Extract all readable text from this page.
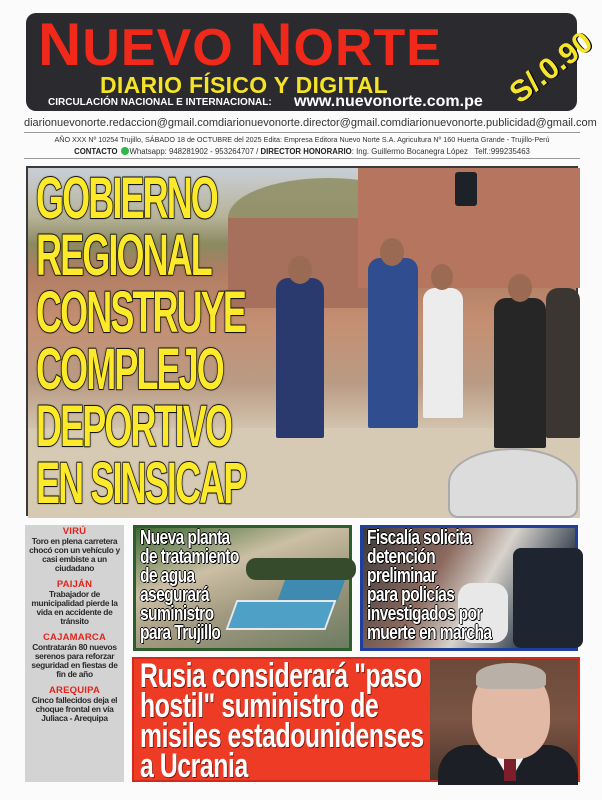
NUEVO NORTE
DIARIO FÍSICO Y DIGITAL
CIRCULACIÓN NACIONAL E INTERNACIONAL: www.nuevonorte.com.pe S/.0.90
diarionuevonorte.redaccion@gmail.com diarionuevonorte.director@gmail.com diarionuevonorte.publicidad@gmail.com
AÑO XXX Nº 10254 Trujillo, SÁBADO 18 de OCTUBRE del 2025 Edita: Empresa Editora Nuevo Norte S.A. Agricultura Nº 160 Huerta Grande - Trujillo-Perú
CONTACTO Whatsapp: 948281902 - 953264707 / DIRECTOR HONORARIO: Ing. Guillermo Bocanegra López Telf.:999235463
GOBIERNO
REGIONAL
CONSTRUYE
COMPLEJO
DEPORTIVO
EN SINSICAP
VIRÚ
Toro en plena carretera chocó con un vehículo y casi embiste a un ciudadano
PAIJÁN
Trabajador de municipalidad pierde la vida en accidente de tránsito
CAJAMARCA
Contratarán 80 nuevos serenos para reforzar seguridad en fiestas de fin de año
AREQUIPA
Cinco fallecidos deja el choque frontal en vía Juliaca - Arequipa
Nueva planta
de tratamiento
de agua
asegurará
suministro
para Trujillo
Fiscalía solicita
detención
preliminar
para policías
investigados por
muerte en marcha
Rusia considerará "paso
hostil" suministro de
misiles estadounidenses
a Ucrania
